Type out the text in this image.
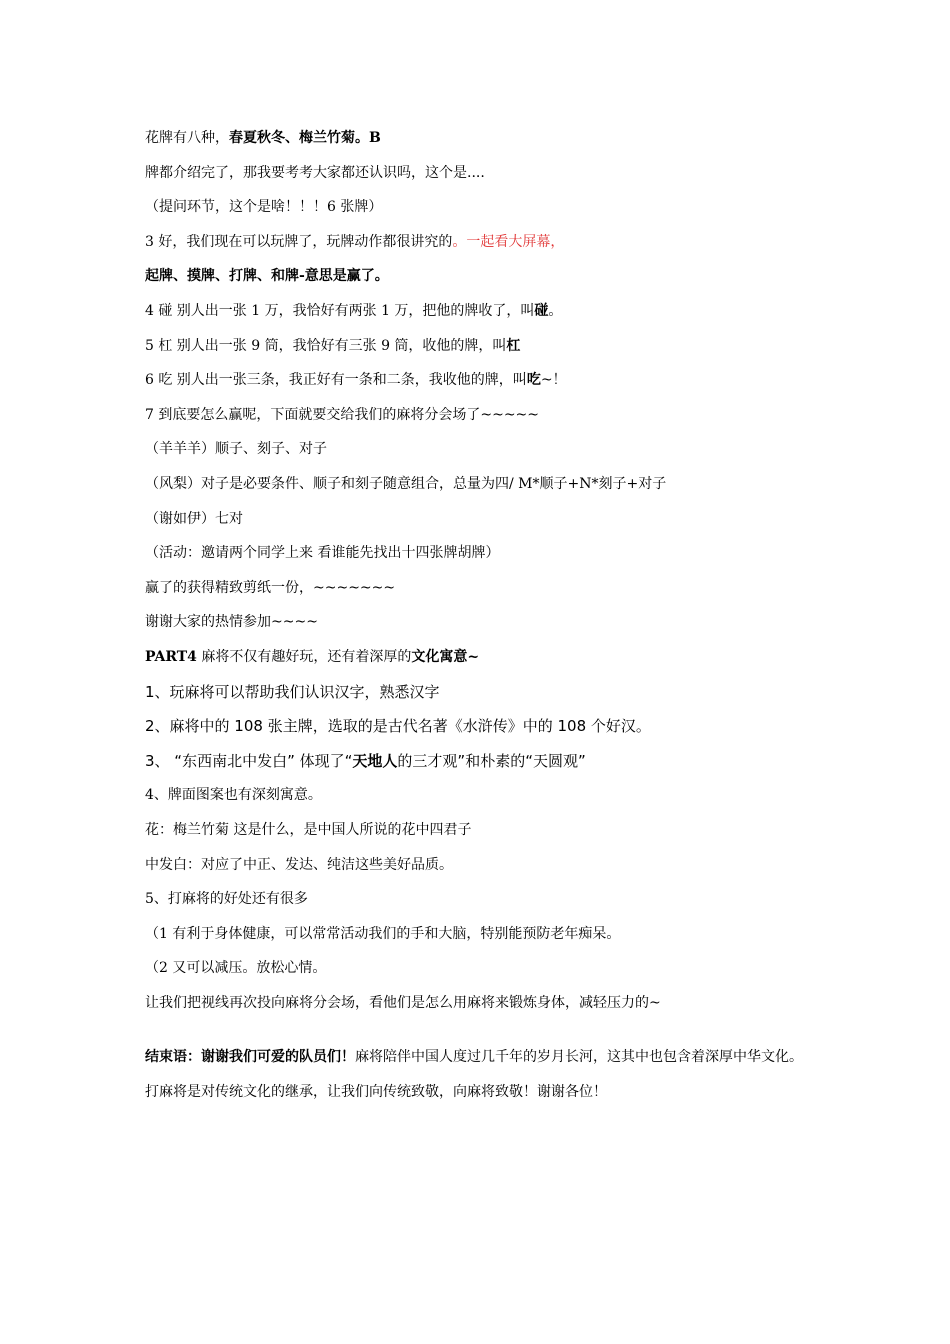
花牌有八种，春夏秋冬、梅兰竹菊。B
牌都介绍完了，那我要考考大家都还认识吗，这个是....
（提问环节，这个是啥！！！6 张牌）
3 好，我们现在可以玩牌了，玩牌动作都很讲究的。一起看大屏幕，
起牌、摸牌、打牌、和牌-意思是赢了。
4 碰 别人出一张 1 万，我恰好有两张 1 万，把他的牌收了，叫碰。
5 杠 别人出一张 9 筒，我恰好有三张 9 筒，收他的牌，叫杠
6 吃 别人出一张三条，我正好有一条和二条，我收他的牌，叫吃~！
7 到底要怎么赢呢，下面就要交给我们的麻将分会场了~~~~~
（羊羊羊）顺子、刻子、对子
（风梨）对子是必要条件、顺子和刻子随意组合，总量为四/ M*顺子+N*刻子+对子
（谢如伊）七对
（活动：邀请两个同学上来 看谁能先找出十四张牌胡牌）
赢了的获得精致剪纸一份，~~~~~~~
谢谢大家的热情参加~~~~
PART4 麻将不仅有趣好玩，还有着深厚的文化寓意~
1、玩麻将可以帮助我们认识汉字，熟悉汉字
2、麻将中的 108 张主牌，选取的是古代名著《水浒传》中的 108 个好汉。
3、 “东西南北中发白” 体现了“天地人的三才观”和朴素的“天圆观”
4、牌面图案也有深刻寓意。
花：梅兰竹菊 这是什么，是中国人所说的花中四君子
中发白：对应了中正、发达、纯洁这些美好品质。
5、打麻将的好处还有很多
（1 有利于身体健康，可以常常活动我们的手和大脑，特别能预防老年痴呆。
（2 又可以减压。放松心情。
让我们把视线再次投向麻将分会场，看他们是怎么用麻将来锻炼身体，减轻压力的~
结束语：谢谢我们可爱的队员们！麻将陪伴中国人度过几千年的岁月长河，这其中也包含着深厚中华文化。打麻将是对传统文化的继承，让我们向传统致敬，向麻将致敬！谢谢各位！
